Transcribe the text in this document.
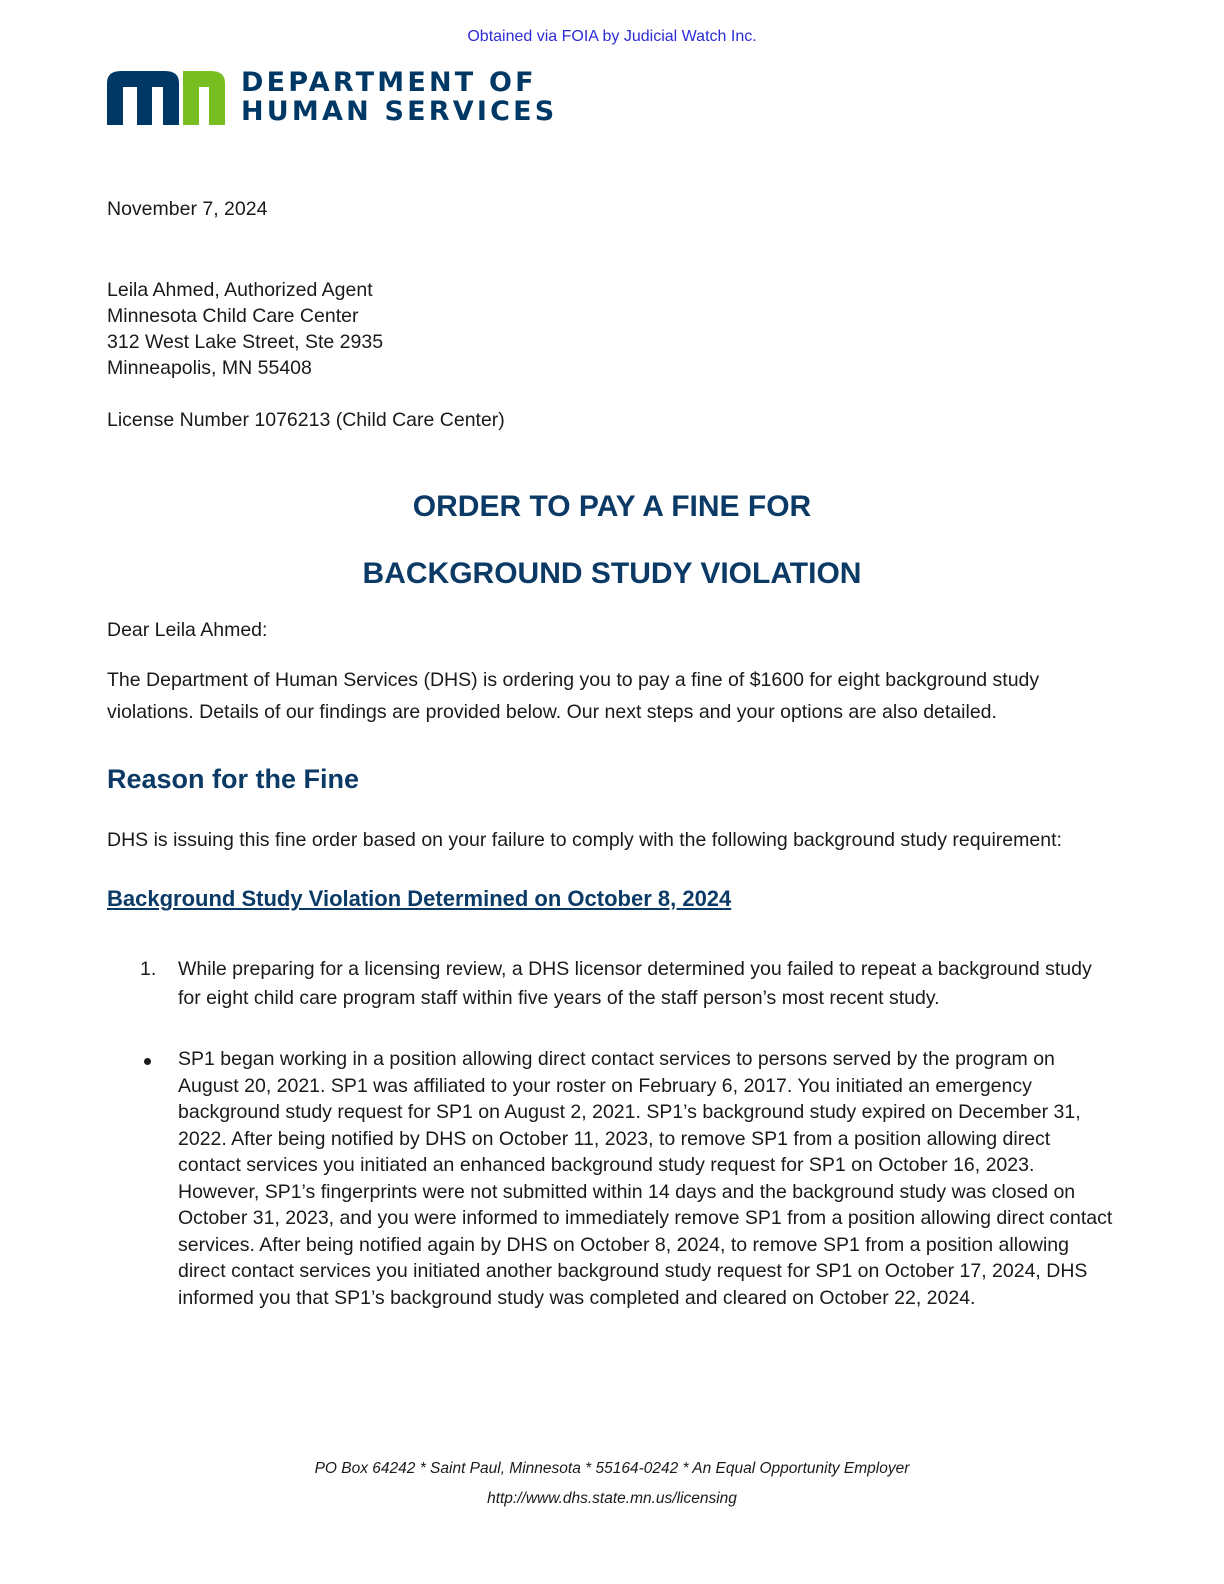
Obtained via FOIA by Judicial Watch Inc.
DEPARTMENT OF
HUMAN SERVICES
November 7, 2024
Leila Ahmed, Authorized Agent
Minnesota Child Care Center
312 West Lake Street, Ste 2935
Minneapolis, MN 55408
License Number 1076213 (Child Care Center)
ORDER TO PAY A FINE FOR
BACKGROUND STUDY VIOLATION
Dear Leila Ahmed:
The Department of Human Services (DHS) is ordering you to pay a fine of $1600 for eight background study violations. Details of our findings are provided below. Our next steps and your options are also detailed.
Reason for the Fine
DHS is issuing this fine order based on your failure to comply with the following background study requirement:
Background Study Violation Determined on October 8, 2024
1.	While preparing for a licensing review, a DHS licensor determined you failed to repeat a background study for eight child care program staff within five years of the staff person’s most recent study.
SP1 began working in a position allowing direct contact services to persons served by the program on August 20, 2021. SP1 was affiliated to your roster on February 6, 2017. You initiated an emergency background study request for SP1 on August 2, 2021. SP1’s background study expired on December 31, 2022. After being notified by DHS on October 11, 2023, to remove SP1 from a position allowing direct contact services you initiated an enhanced background study request for SP1 on October 16, 2023. However, SP1’s fingerprints were not submitted within 14 days and the background study was closed on October 31, 2023, and you were informed to immediately remove SP1 from a position allowing direct contact services. After being notified again by DHS on October 8, 2024, to remove SP1 from a position allowing direct contact services you initiated another background study request for SP1 on October 17, 2024, DHS informed you that SP1’s background study was completed and cleared on October 22, 2024.
PO Box 64242 * Saint Paul, Minnesota * 55164-0242 * An Equal Opportunity Employer
http://www.dhs.state.mn.us/licensing
